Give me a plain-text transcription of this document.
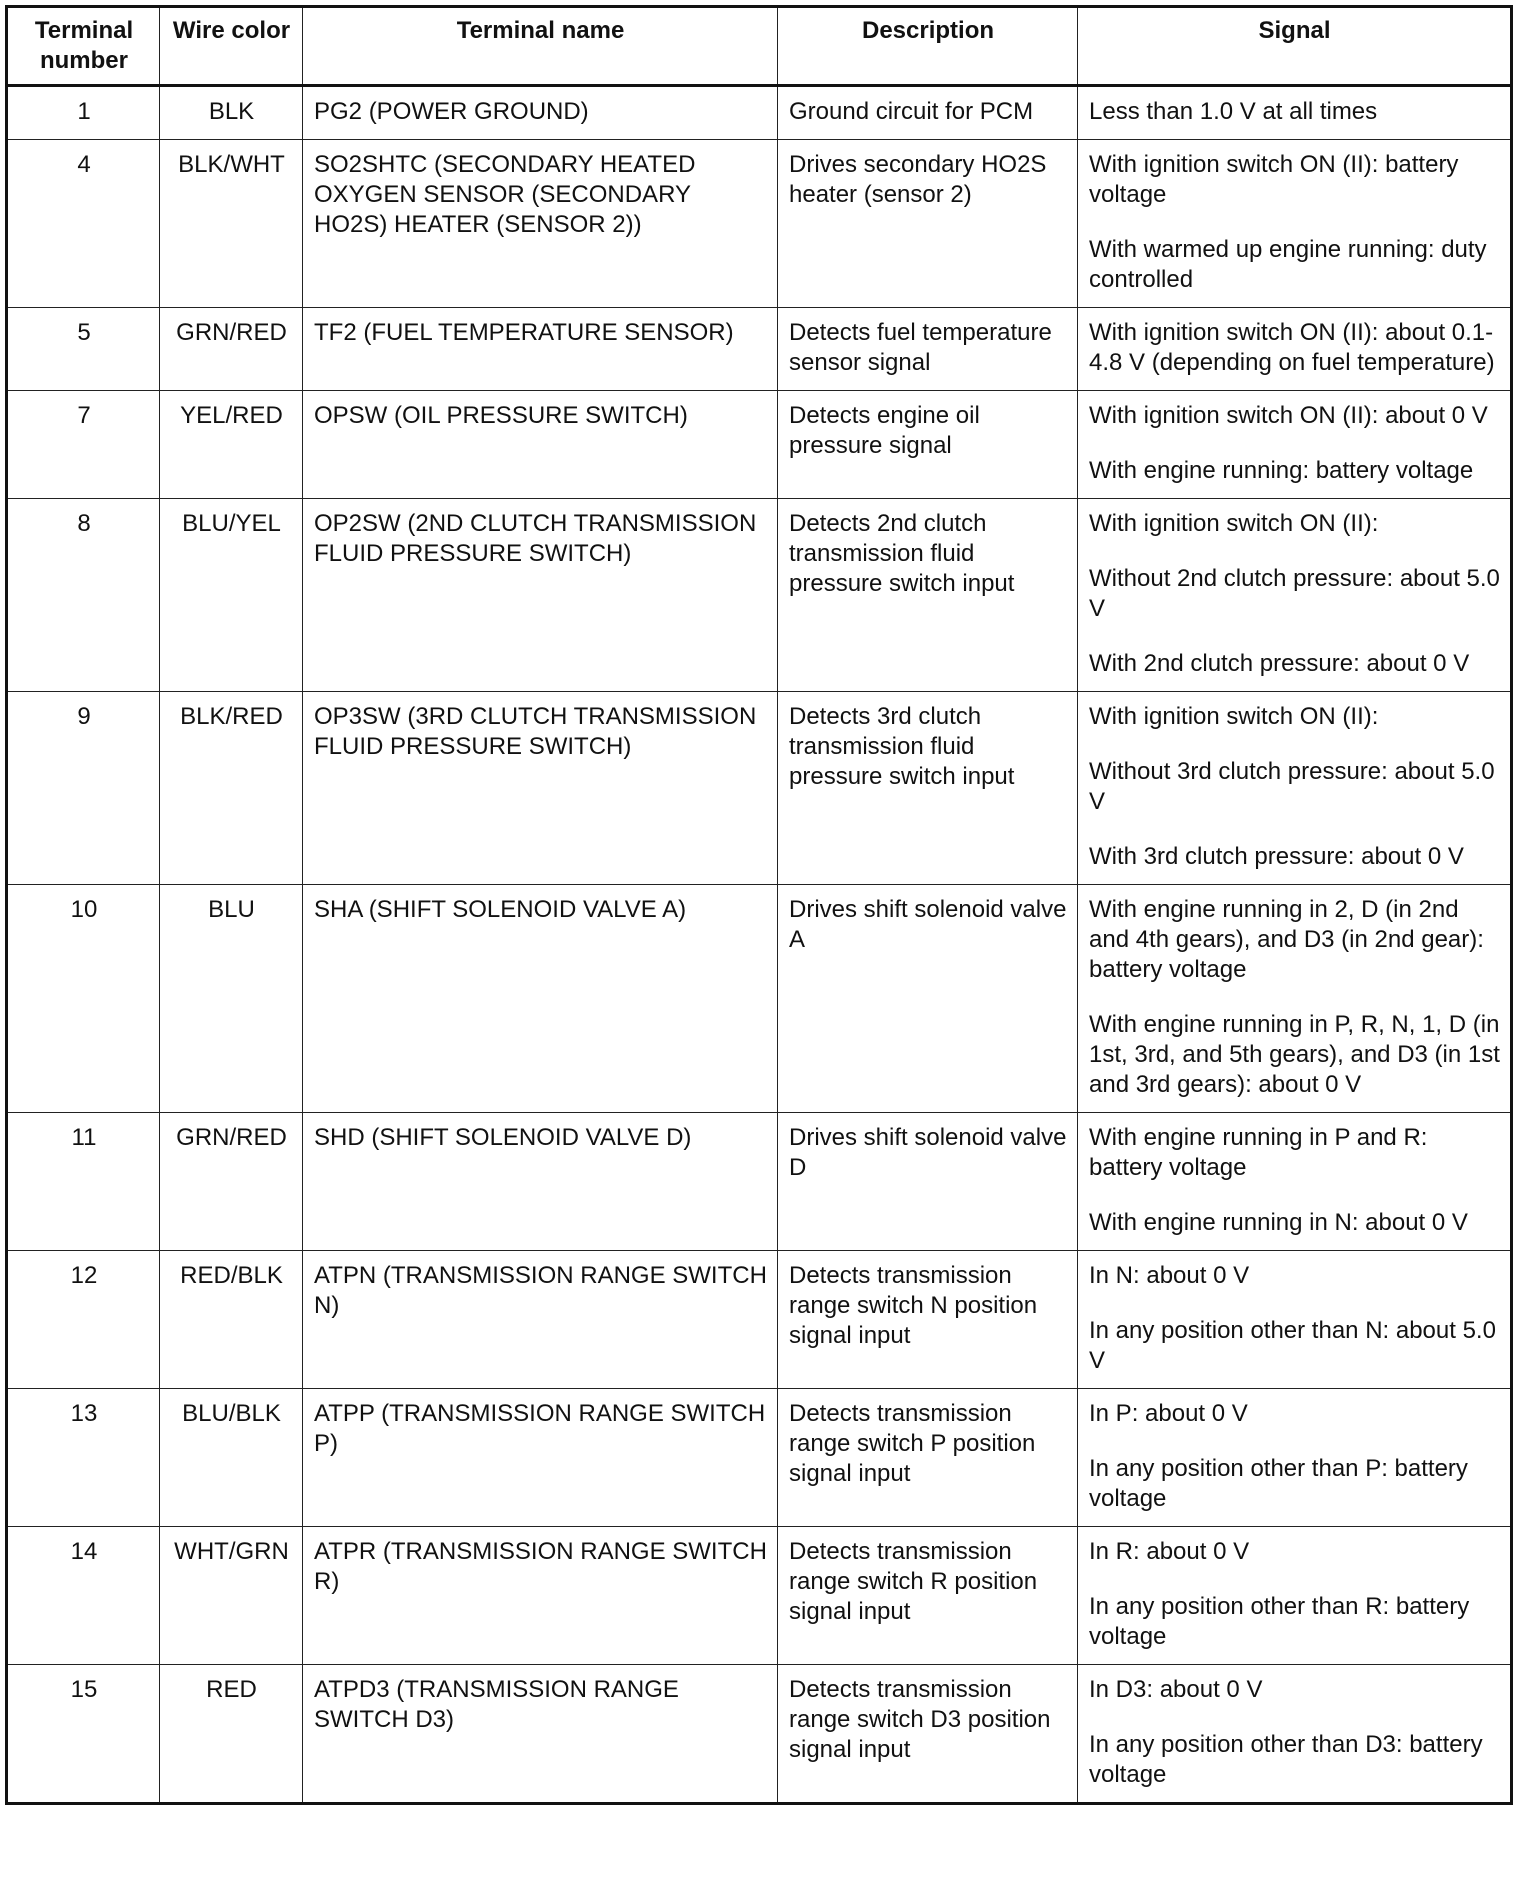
Terminal number	Wire color	Terminal name	Description	Signal
1	BLK	PG2 (POWER GROUND)	Ground circuit for PCM	Less than 1.0 V at all times

4	BLK/WHT	SO2SHTC (SECONDARY HEATED OXYGEN SENSOR (SECONDARY HO2S) HEATER (SENSOR 2))	Drives secondary HO2S heater (sensor 2)	With ignition switch ON (II): battery voltage
With warmed up engine running: duty controlled

5	GRN/RED	TF2 (FUEL TEMPERATURE SENSOR)	Detects fuel temperature sensor signal	With ignition switch ON (II): about 0.1-4.8 V (depending on fuel temperature)

7	YEL/RED	OPSW (OIL PRESSURE SWITCH)	Detects engine oil pressure signal	With ignition switch ON (II): about 0 V
With engine running: battery voltage

8	BLU/YEL	OP2SW (2ND CLUTCH TRANSMISSION FLUID PRESSURE SWITCH)	Detects 2nd clutch transmission fluid pressure switch input	With ignition switch ON (II):
Without 2nd clutch pressure: about 5.0 V
With 2nd clutch pressure: about 0 V

9	BLK/RED	OP3SW (3RD CLUTCH TRANSMISSION FLUID PRESSURE SWITCH)	Detects 3rd clutch transmission fluid pressure switch input	With ignition switch ON (II):
Without 3rd clutch pressure: about 5.0 V
With 3rd clutch pressure: about 0 V

10	BLU	SHA (SHIFT SOLENOID VALVE A)	Drives shift solenoid valve A	With engine running in 2, D (in 2nd and 4th gears), and D3 (in 2nd gear): battery voltage
With engine running in P, R, N, 1, D (in 1st, 3rd, and 5th gears), and D3 (in 1st and 3rd gears): about 0 V

11	GRN/RED	SHD (SHIFT SOLENOID VALVE D)	Drives shift solenoid valve D	With engine running in P and R: battery voltage
With engine running in N: about 0 V

12	RED/BLK	ATPN (TRANSMISSION RANGE SWITCH N)	Detects transmission range switch N position signal input	In N: about 0 V
In any position other than N: about 5.0 V

13	BLU/BLK	ATPP (TRANSMISSION RANGE SWITCH P)	Detects transmission range switch P position signal input	In P: about 0 V
In any position other than P: battery voltage

14	WHT/GRN	ATPR (TRANSMISSION RANGE SWITCH R)	Detects transmission range switch R position signal input	In R: about 0 V
In any position other than R: battery voltage

15	RED	ATPD3 (TRANSMISSION RANGE SWITCH D3)	Detects transmission range switch D3 position signal input	In D3: about 0 V
In any position other than D3: battery voltage
